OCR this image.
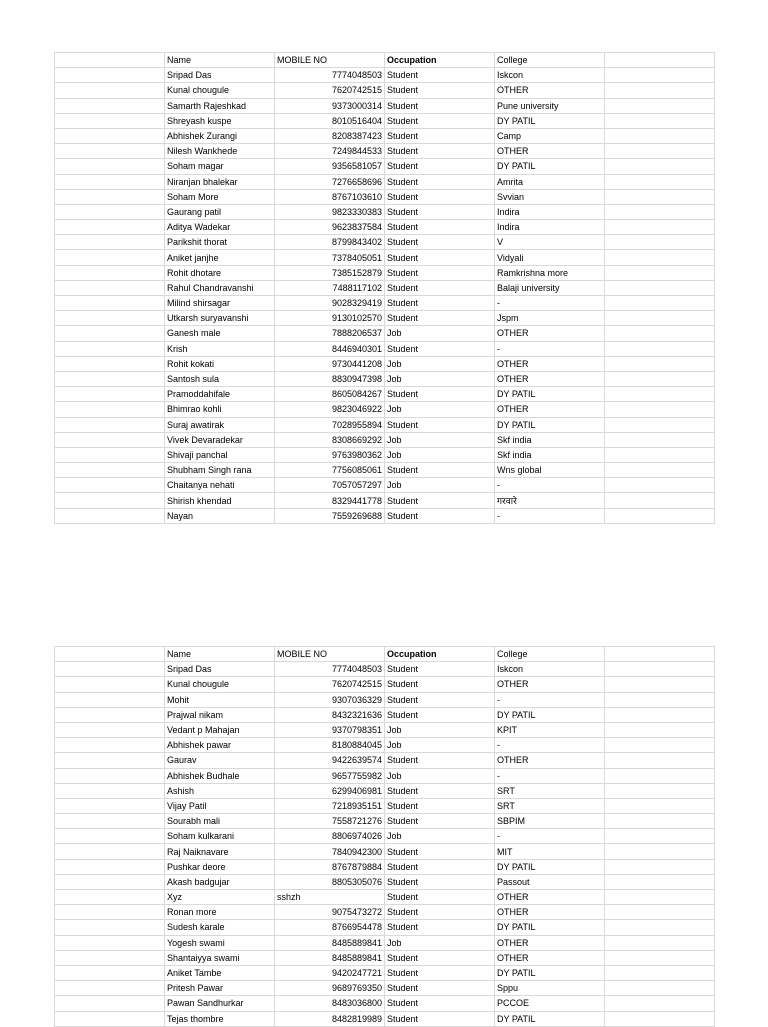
	Name	MOBILE NO	Occupation	College	
	Sripad Das	7774048503	Student	Iskcon	
	Kunal chougule	7620742515	Student	OTHER	
	Samarth Rajeshkad	9373000314	Student	Pune university	
	Shreyash kuspe	8010516404	Student	DY PATIL	
	Abhishek Zurangi	8208387423	Student	Camp	
	Nilesh Wankhede	7249844533	Student	OTHER	
	Soham magar	9356581057	Student	DY PATIL	
	Niranjan bhalekar	7276658696	Student	Amrita	
	Soham More	8767103610	Student	Svvian	
	Gaurang patil	9823330383	Student	Indira	
	Aditya Wadekar	9623837584	Student	Indira	
	Parikshit thorat	8799843402	Student	V	
	Aniket janjhe	7378405051	Student	Vidyali	
	Rohit dhotare	7385152879	Student	Ramkrishna more	
	Rahul Chandravanshi	7488117102	Student	Balaji university	
	Milind shirsagar	9028329419	Student	-	
	Utkarsh suryavanshi	9130102570	Student	Jspm	
	Ganesh male	7888206537	Job	OTHER	
	Krish	8446940301	Student	-	
	Rohit kokati	9730441208	Job	OTHER	
	Santosh sula	8830947398	Job	OTHER	
	Pramoddahifale	8605084267	Student	DY PATIL	
	Bhimrao kohli	9823046922	Job	OTHER	
	Suraj awatirak	7028955894	Student	DY PATIL	
	Vivek Devaradekar	8308669292	Job	Skf india	
	Shivaji panchal	9763980362	Job	Skf india	
	Shubham Singh rana	7756085061	Student	Wns global	
	Chaitanya nehati	7057057297	Job	-	
	Shirish khendad	8329441778	Student	गरवारे	
	Nayan	7559269688	Student	-	
	Name	MOBILE NO	Occupation	College	
	Sripad Das	7774048503	Student	Iskcon	
	Kunal chougule	7620742515	Student	OTHER	
	Mohit	9307036329	Student	-	
	Prajwal nikam	8432321636	Student	DY PATIL	
	Vedant p Mahajan	9370798351	Job	KPIT	
	Abhishek pawar	8180884045	Job	-	
	Gaurav	9422639574	Student	OTHER	
	Abhishek Budhale	9657755982	Job	-	
	Ashish	6299406981	Student	SRT	
	Vijay Patil	7218935151	Student	SRT	
	Sourabh mali	7558721276	Student	SBPIM	
	Soham kulkarani	8806974026	Job	-	
	Raj Naiknavare	7840942300	Student	MIT	
	Pushkar deore	8767879884	Student	DY PATIL	
	Akash badgujar	8805305076	Student	Passout	
	Xyz	sshzh	Student	OTHER	
	Ronan more	9075473272	Student	OTHER	
	Sudesh karale	8766954478	Student	DY PATIL	
	Yogesh swami	8485889841	Job	OTHER	
	Shantaiyya swami	8485889841	Student	OTHER	
	Aniket Tambe	9420247721	Student	DY PATIL	
	Pritesh Pawar	9689769350	Student	Sppu	
	Pawan Sandhurkar	8483036800	Student	PCCOE	
	Tejas thombre	8482819989	Student	DY PATIL	
